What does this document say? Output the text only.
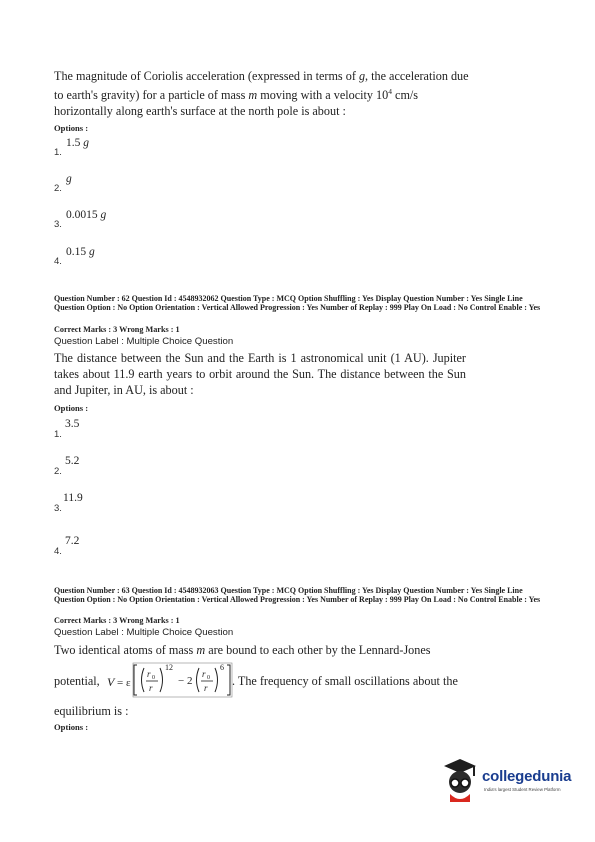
The magnitude of Coriolis acceleration (expressed in terms of g, the acceleration due to earth's gravity) for a particle of mass m moving with a velocity $10^4$ cm/s horizontally along earth's surface at the north pole is about :
Options :
1.
1.5 g
2.
g
3.
0.0015 g
4.
0.15 g
Question Number : 62 Question Id : 4548932062 Question Type : MCQ Option Shuffling : Yes Display Question Number : Yes Single Line Question Option : No Option Orientation : Vertical Allowed Progression : Yes Number of Replay : 999 Play On Load : No Control Enable : Yes
Correct Marks : 3 Wrong Marks : 1
Question Label : Multiple Choice Question
The distance between the Sun and the Earth is 1 astronomical unit (1 AU). Jupiter takes about 11.9 earth years to orbit around the Sun. The distance between the Sun and Jupiter, in AU, is about :
Options :
1.
3.5
2.
5.2
3.
11.9
4.
7.2
Question Number : 63 Question Id : 4548932063 Question Type : MCQ Option Shuffling : Yes Display Question Number : Yes Single Line Question Option : No Option Orientation : Vertical Allowed Progression : Yes Number of Replay : 999 Play On Load : No Control Enable : Yes
Correct Marks : 3 Wrong Marks : 1
Question Label : Multiple Choice Question
Two identical atoms of mass m are bound to each other by the Lennard-Jones
potential, V = ε
r 0
r
12
− 2
r 0
r
6
. The frequency of small oscillations about the
equilibrium is :
Options :
collegedunia
India's largest Student Review Platform
